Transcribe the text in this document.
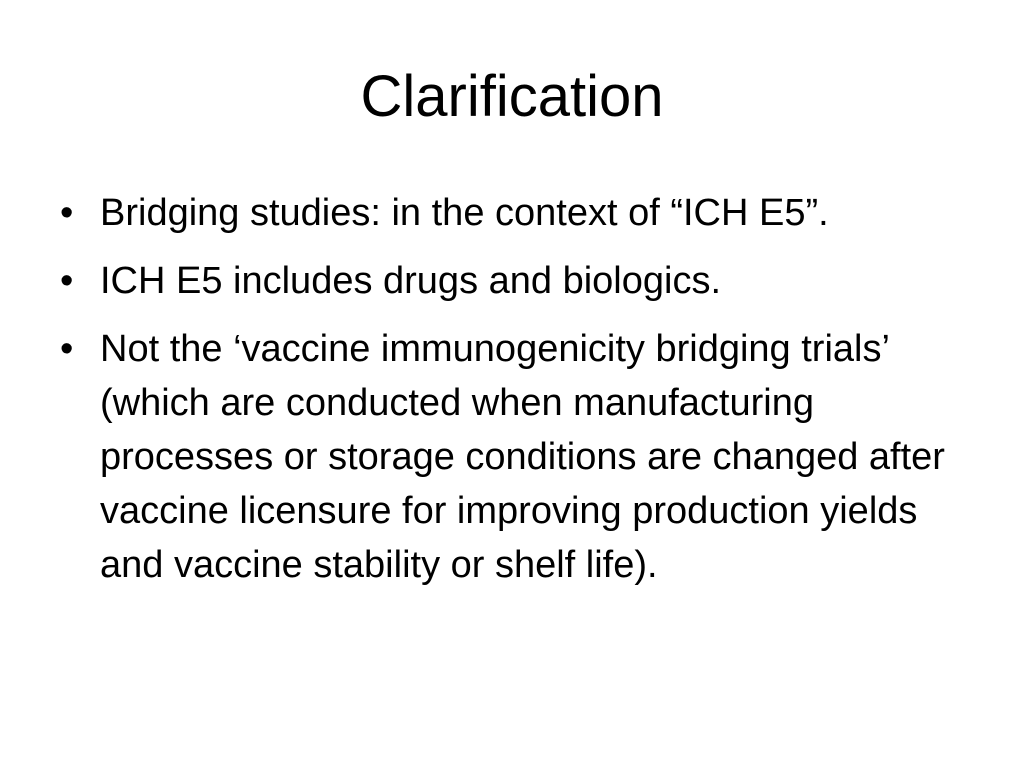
Clarification
• Bridging studies: in the context of “ICH E5”.
• ICH E5 includes drugs and biologics.
• Not the ‘vaccine immunogenicity bridging trials’ (which are conducted when manufacturing processes or storage conditions are changed after vaccine licensure for improving production yields and vaccine stability or shelf life).
